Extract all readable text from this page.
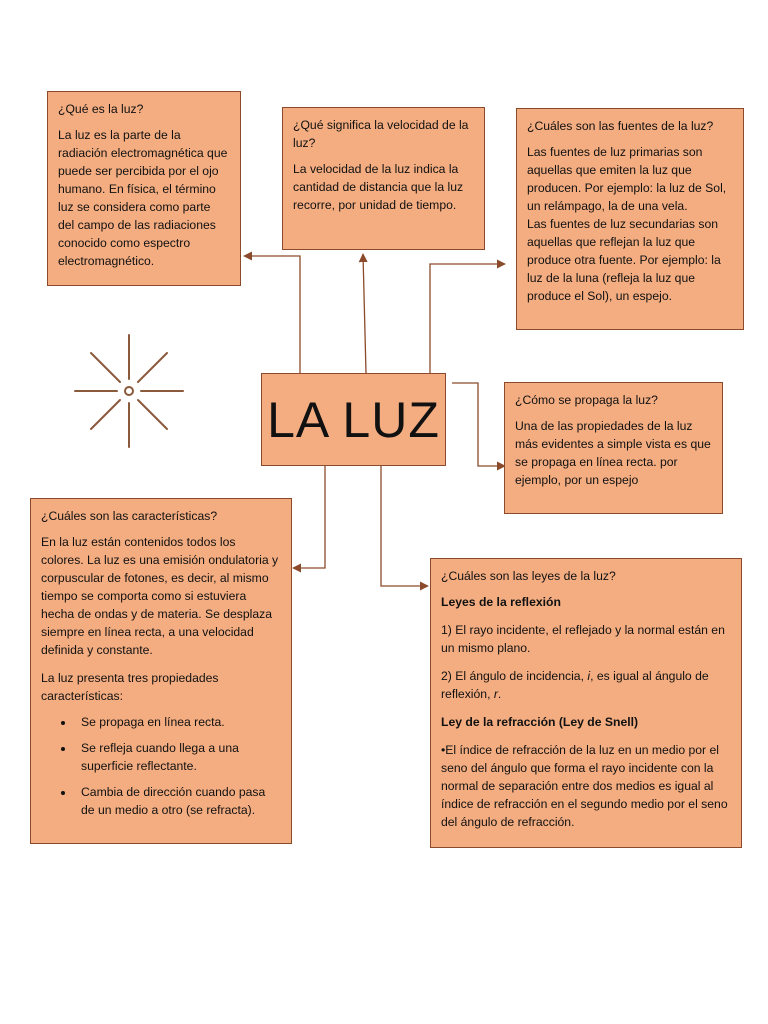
LA LUZ

¿Qué es la luz?

La luz es la parte de la radiación electromagnética que puede ser percibida por el ojo humano. En física, el término luz se considera como parte del campo de las radiaciones conocido como espectro electromagnético.

¿Qué significa la velocidad de la luz?

La velocidad de la luz indica la cantidad de distancia que la luz recorre, por unidad de tiempo.

¿Cuáles son las fuentes de la luz?

Las fuentes de luz primarias son aquellas que emiten la luz que producen. Por ejemplo: la luz de Sol, un relámpago, la de una vela.

Las fuentes de luz secundarias son aquellas que reflejan la luz que produce otra fuente. Por ejemplo: la luz de la luna (refleja la luz que produce el Sol), un espejo.

¿Cómo se propaga la luz?

Una de las propiedades de la luz más evidentes a simple vista es que se propaga en línea recta. por ejemplo, por un espejo

¿Cuáles son las características?

En la luz están contenidos todos los colores. La luz es una emisión ondulatoria y corpuscular de fotones, es decir, al mismo tiempo se comporta como si estuviera hecha de ondas y de materia. Se desplaza siempre en línea recta, a una velocidad definida y constante.

La luz presenta tres propiedades características:

• Se propaga en línea recta.
• Se refleja cuando llega a una superficie reflectante.
• Cambia de dirección cuando pasa de un medio a otro (se refracta).

¿Cuáles son las leyes de la luz?

Leyes de la reflexión

1) El rayo incidente, el reflejado y la normal están en un mismo plano.

2) El ángulo de incidencia, i, es igual al ángulo de reflexión, r.

Ley de la refracción (Ley de Snell)

•El índice de refracción de la luz en un medio por el seno del ángulo que forma el rayo incidente con la normal de separación entre dos medios es igual al índice de refracción en el segundo medio por el seno del ángulo de refracción.
